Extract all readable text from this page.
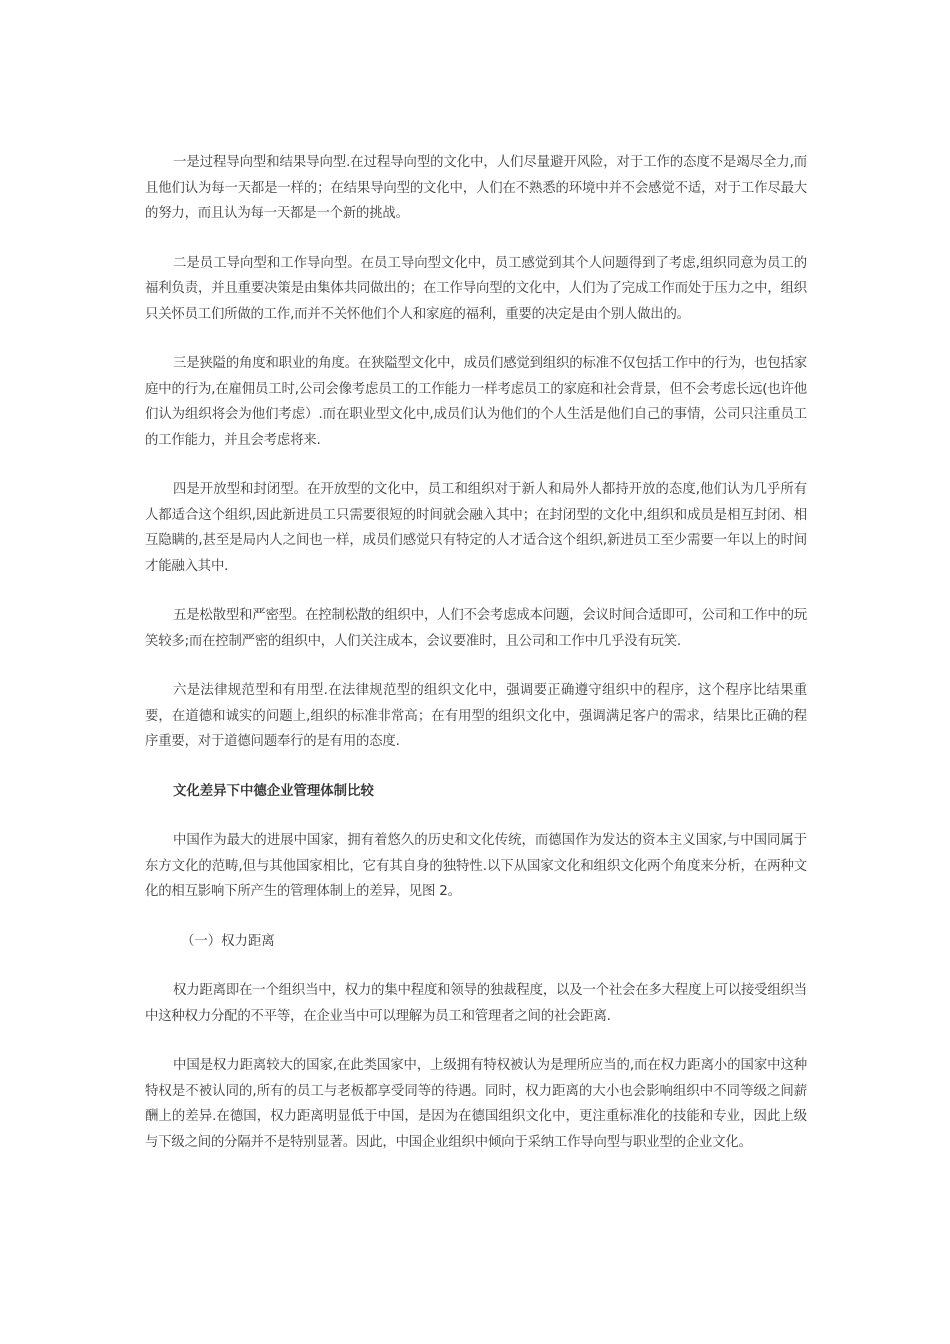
一是过程导向型和结果导向型.在过程导向型的文化中，人们尽量避开风险，对于工作的态度不是竭尽全力,而且他们认为每一天都是一样的；在结果导向型的文化中，人们在不熟悉的环境中并不会感觉不适，对于工作尽最大的努力，而且认为每一天都是一个新的挑战。

二是员工导向型和工作导向型。在员工导向型文化中，员工感觉到其个人问题得到了考虑,组织同意为员工的福利负责，并且重要决策是由集体共同做出的；在工作导向型的文化中，人们为了完成工作而处于压力之中，组织只关怀员工们所做的工作,而并不关怀他们个人和家庭的福利，重要的决定是由个别人做出的。

三是狭隘的角度和职业的角度。在狭隘型文化中，成员们感觉到组织的标准不仅包括工作中的行为，也包括家庭中的行为,在雇佣员工时,公司会像考虑员工的工作能力一样考虑员工的家庭和社会背景，但不会考虑长远(也许他们认为组织将会为他们考虑）.而在职业型文化中,成员们认为他们的个人生活是他们自己的事情，公司只注重员工的工作能力，并且会考虑将来.

四是开放型和封闭型。在开放型的文化中，员工和组织对于新人和局外人都持开放的态度,他们认为几乎所有人都适合这个组织,因此新进员工只需要很短的时间就会融入其中；在封闭型的文化中,组织和成员是相互封闭、相互隐瞒的,甚至是局内人之间也一样，成员们感觉只有特定的人才适合这个组织,新进员工至少需要一年以上的时间才能融入其中.

五是松散型和严密型。在控制松散的组织中，人们不会考虑成本问题，会议时间合适即可，公司和工作中的玩笑较多;而在控制严密的组织中，人们关注成本，会议要准时，且公司和工作中几乎没有玩笑.

六是法律规范型和有用型.在法律规范型的组织文化中，强调要正确遵守组织中的程序，这个程序比结果重要，在道德和诚实的问题上,组织的标准非常高；在有用型的组织文化中，强调满足客户的需求，结果比正确的程序重要，对于道德问题奉行的是有用的态度.

文化差异下中德企业管理体制比较

中国作为最大的进展中国家，拥有着悠久的历史和文化传统，而德国作为发达的资本主义国家,与中国同属于东方文化的范畴,但与其他国家相比，它有其自身的独特性.以下从国家文化和组织文化两个角度来分析，在两种文化的相互影响下所产生的管理体制上的差异，见图 2。

（一）权力距离

权力距离即在一个组织当中，权力的集中程度和领导的独裁程度，以及一个社会在多大程度上可以接受组织当中这种权力分配的不平等，在企业当中可以理解为员工和管理者之间的社会距离.

中国是权力距离较大的国家,在此类国家中，上级拥有特权被认为是理所应当的,而在权力距离小的国家中这种特权是不被认同的,所有的员工与老板都享受同等的待遇。同时，权力距离的大小也会影响组织中不同等级之间薪酬上的差异.在德国，权力距离明显低于中国，是因为在德国组织文化中，更注重标准化的技能和专业，因此上级与下级之间的分隔并不是特别显著。因此，中国企业组织中倾向于采纳工作导向型与职业型的企业文化。
